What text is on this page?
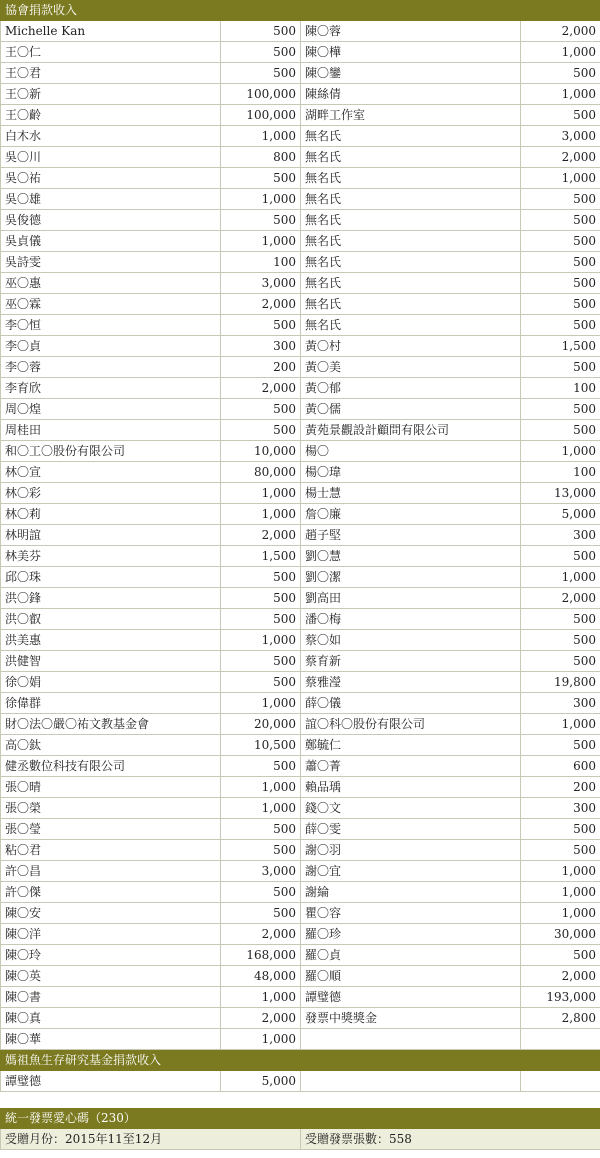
協會捐款收入			
Michelle Kan	500	陳〇蓉	2,000
王〇仁	500	陳〇樺	1,000
王〇君	500	陳〇鑾	500
王〇新	100,000	陳絲倩	1,000
王〇齡	100,000	湖畔工作室	500
白木水	1,000	無名氏	3,000
吳〇川	800	無名氏	2,000
吳〇祐	500	無名氏	1,000
吳〇雄	1,000	無名氏	500
吳俊德	500	無名氏	500
吳貞儀	1,000	無名氏	500
吳詩雯	100	無名氏	500
巫〇惠	3,000	無名氏	500
巫〇霖	2,000	無名氏	500
李〇恒	500	無名氏	500
李〇貞	300	黃〇村	1,500
李〇蓉	200	黃〇美	500
李育欣	2,000	黃〇郁	100
周〇煌	500	黃〇儒	500
周桂田	500	黃苑景觀設計顧問有限公司	500
和〇工〇股份有限公司	10,000	楊〇	1,000
林〇宣	80,000	楊〇瑋	100
林〇彩	1,000	楊士慧	13,000
林〇莉	1,000	詹〇廉	5,000
林明誼	2,000	趙子堅	300
林美芬	1,500	劉〇慧	500
邱〇珠	500	劉〇潔	1,000
洪〇鋒	500	劉高田	2,000
洪〇叡	500	潘〇梅	500
洪美惠	1,000	蔡〇如	500
洪健智	500	蔡育新	500
徐〇娟	500	蔡雅瀅	19,800
徐偉群	1,000	薛〇儀	300
財〇法〇嚴〇祐文教基金會	20,000	誼〇科〇股份有限公司	1,000
高〇鈦	10,500	鄭毓仁	500
健丞數位科技有限公司	500	蕭〇菁	600
張〇晴	1,000	賴品瑀	200
張〇榮	1,000	錢〇文	300
張〇瑩	500	薛〇雯	500
粘〇君	500	謝〇羽	500
許〇昌	3,000	謝〇宜	1,000
許〇傑	500	謝綸	1,000
陳〇安	500	瞿〇容	1,000
陳〇洋	2,000	羅〇珍	30,000
陳〇玲	168,000	羅〇貞	500
陳〇英	48,000	羅〇順	2,000
陳〇書	1,000	譚璧德	193,000
陳〇真	2,000	發票中獎獎金	2,800
陳〇華	1,000		
媽祖魚生存研究基金捐款收入
譚璧德	5,000		
統一發票愛心碼（230）
受贈月份：2015年11至12月	受贈發票張數：558
